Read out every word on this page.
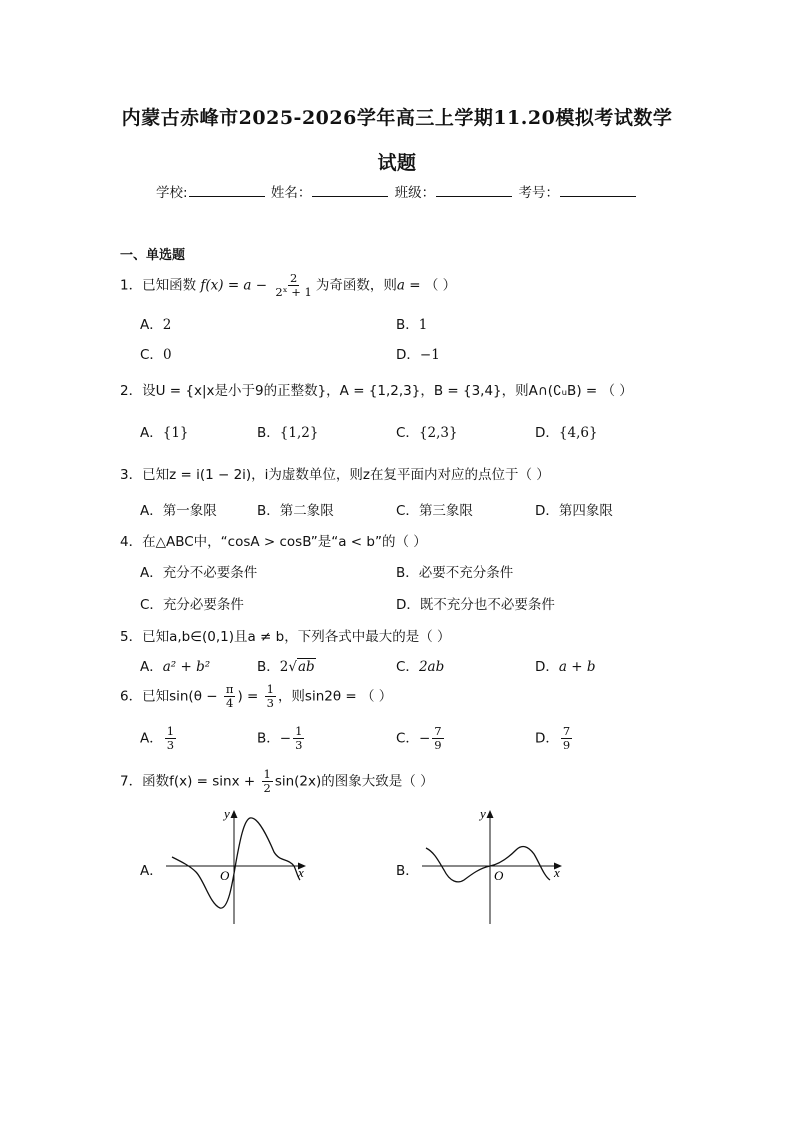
内蒙古赤峰市2025-2026学年高三上学期11.20模拟考试数学
试题
学校:	姓名：	班级：	考号：
一、单选题
1．已知函数 $f(x) = a - \frac{2}{\text{2ˣ + 1}}$ 为奇函数，则a = （ ）
A．2	B．1
C．0	D．−1
2．设U = {x|x是小于9的正整数}，A = {1,2,3}，B = {3,4}，则A∩(∁ᵤB) = （ ）
A．{1}	B．{1,2}	C．{2,3}	D．{4,6}
3．已知z = i(1 − 2i)，i为虚数单位，则z在复平面内对应的点位于（ ）
A．第一象限	B．第二象限	C．第三象限	D．第四象限
4．在△ABC中，“cosA > cosB”是“a < b”的（ ）
A．充分不必要条件	B．必要不充分条件
C．充分必要条件	D．既不充分也不必要条件
5．已知a,b∈(0,1)且a ≠ b，下列各式中最大的是（ ）
A．a² + b²	B．2√ab	C．2ab	D．a + b
6．已知$\sin(\theta - \frac{\pi}{4}$ ) = $\frac{1}{3}$ ，则sin2θ = （ ）
A． $\frac{1}{3}$	B．− $\frac{1}{3}$	C．− $\frac{7}{9}$	D． $\frac{7}{9}$
7．函数$f(x) = \sin x + \frac{1}{2} \sin(2x)$的图象大致是（ ）
A．
y
O	x	B．
y
O	x
